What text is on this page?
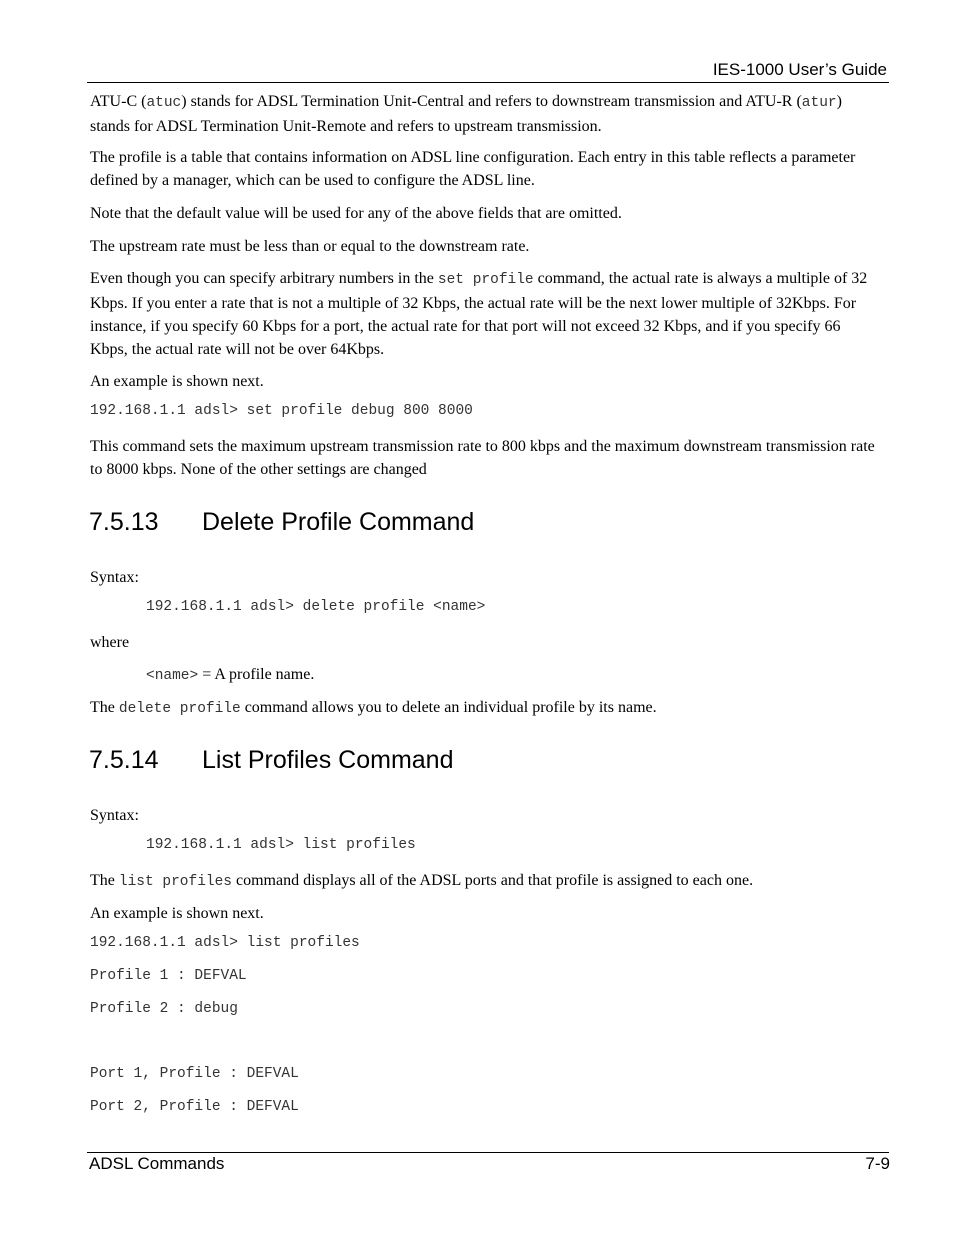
IES-1000 User’s Guide

ATU-C (atuc) stands for ADSL Termination Unit-Central and refers to downstream transmission and ATU-R (atur) stands for ADSL Termination Unit-Remote and refers to upstream transmission.

The profile is a table that contains information on ADSL line configuration. Each entry in this table reflects a parameter defined by a manager, which can be used to configure the ADSL line.

Note that the default value will be used for any of the above fields that are omitted.

The upstream rate must be less than or equal to the downstream rate.

Even though you can specify arbitrary numbers in the set profile command, the actual rate is always a multiple of 32 Kbps. If you enter a rate that is not a multiple of 32 Kbps, the actual rate will be the next lower multiple of 32Kbps. For instance, if you specify 60 Kbps for a port, the actual rate for that port will not exceed 32 Kbps, and if you specify 66 Kbps, the actual rate will not be over 64Kbps.

An example is shown next.

192.168.1.1 adsl> set profile debug 800 8000

This command sets the maximum upstream transmission rate to 800 kbps and the maximum downstream transmission rate to 8000 kbps. None of the other settings are changed

7.5.13 Delete Profile Command

Syntax:

192.168.1.1 adsl> delete profile <name>

where

<name> = A profile name.

The delete profile command allows you to delete an individual profile by its name.

7.5.14 List Profiles Command

Syntax:

192.168.1.1 adsl> list profiles

The list profiles command displays all of the ADSL ports and that profile is assigned to each one.

An example is shown next.

192.168.1.1 adsl> list profiles
Profile 1 : DEFVAL
Profile 2 : debug
Port 1, Profile : DEFVAL
Port 2, Profile : DEFVAL
ADSL Commands	7-9
